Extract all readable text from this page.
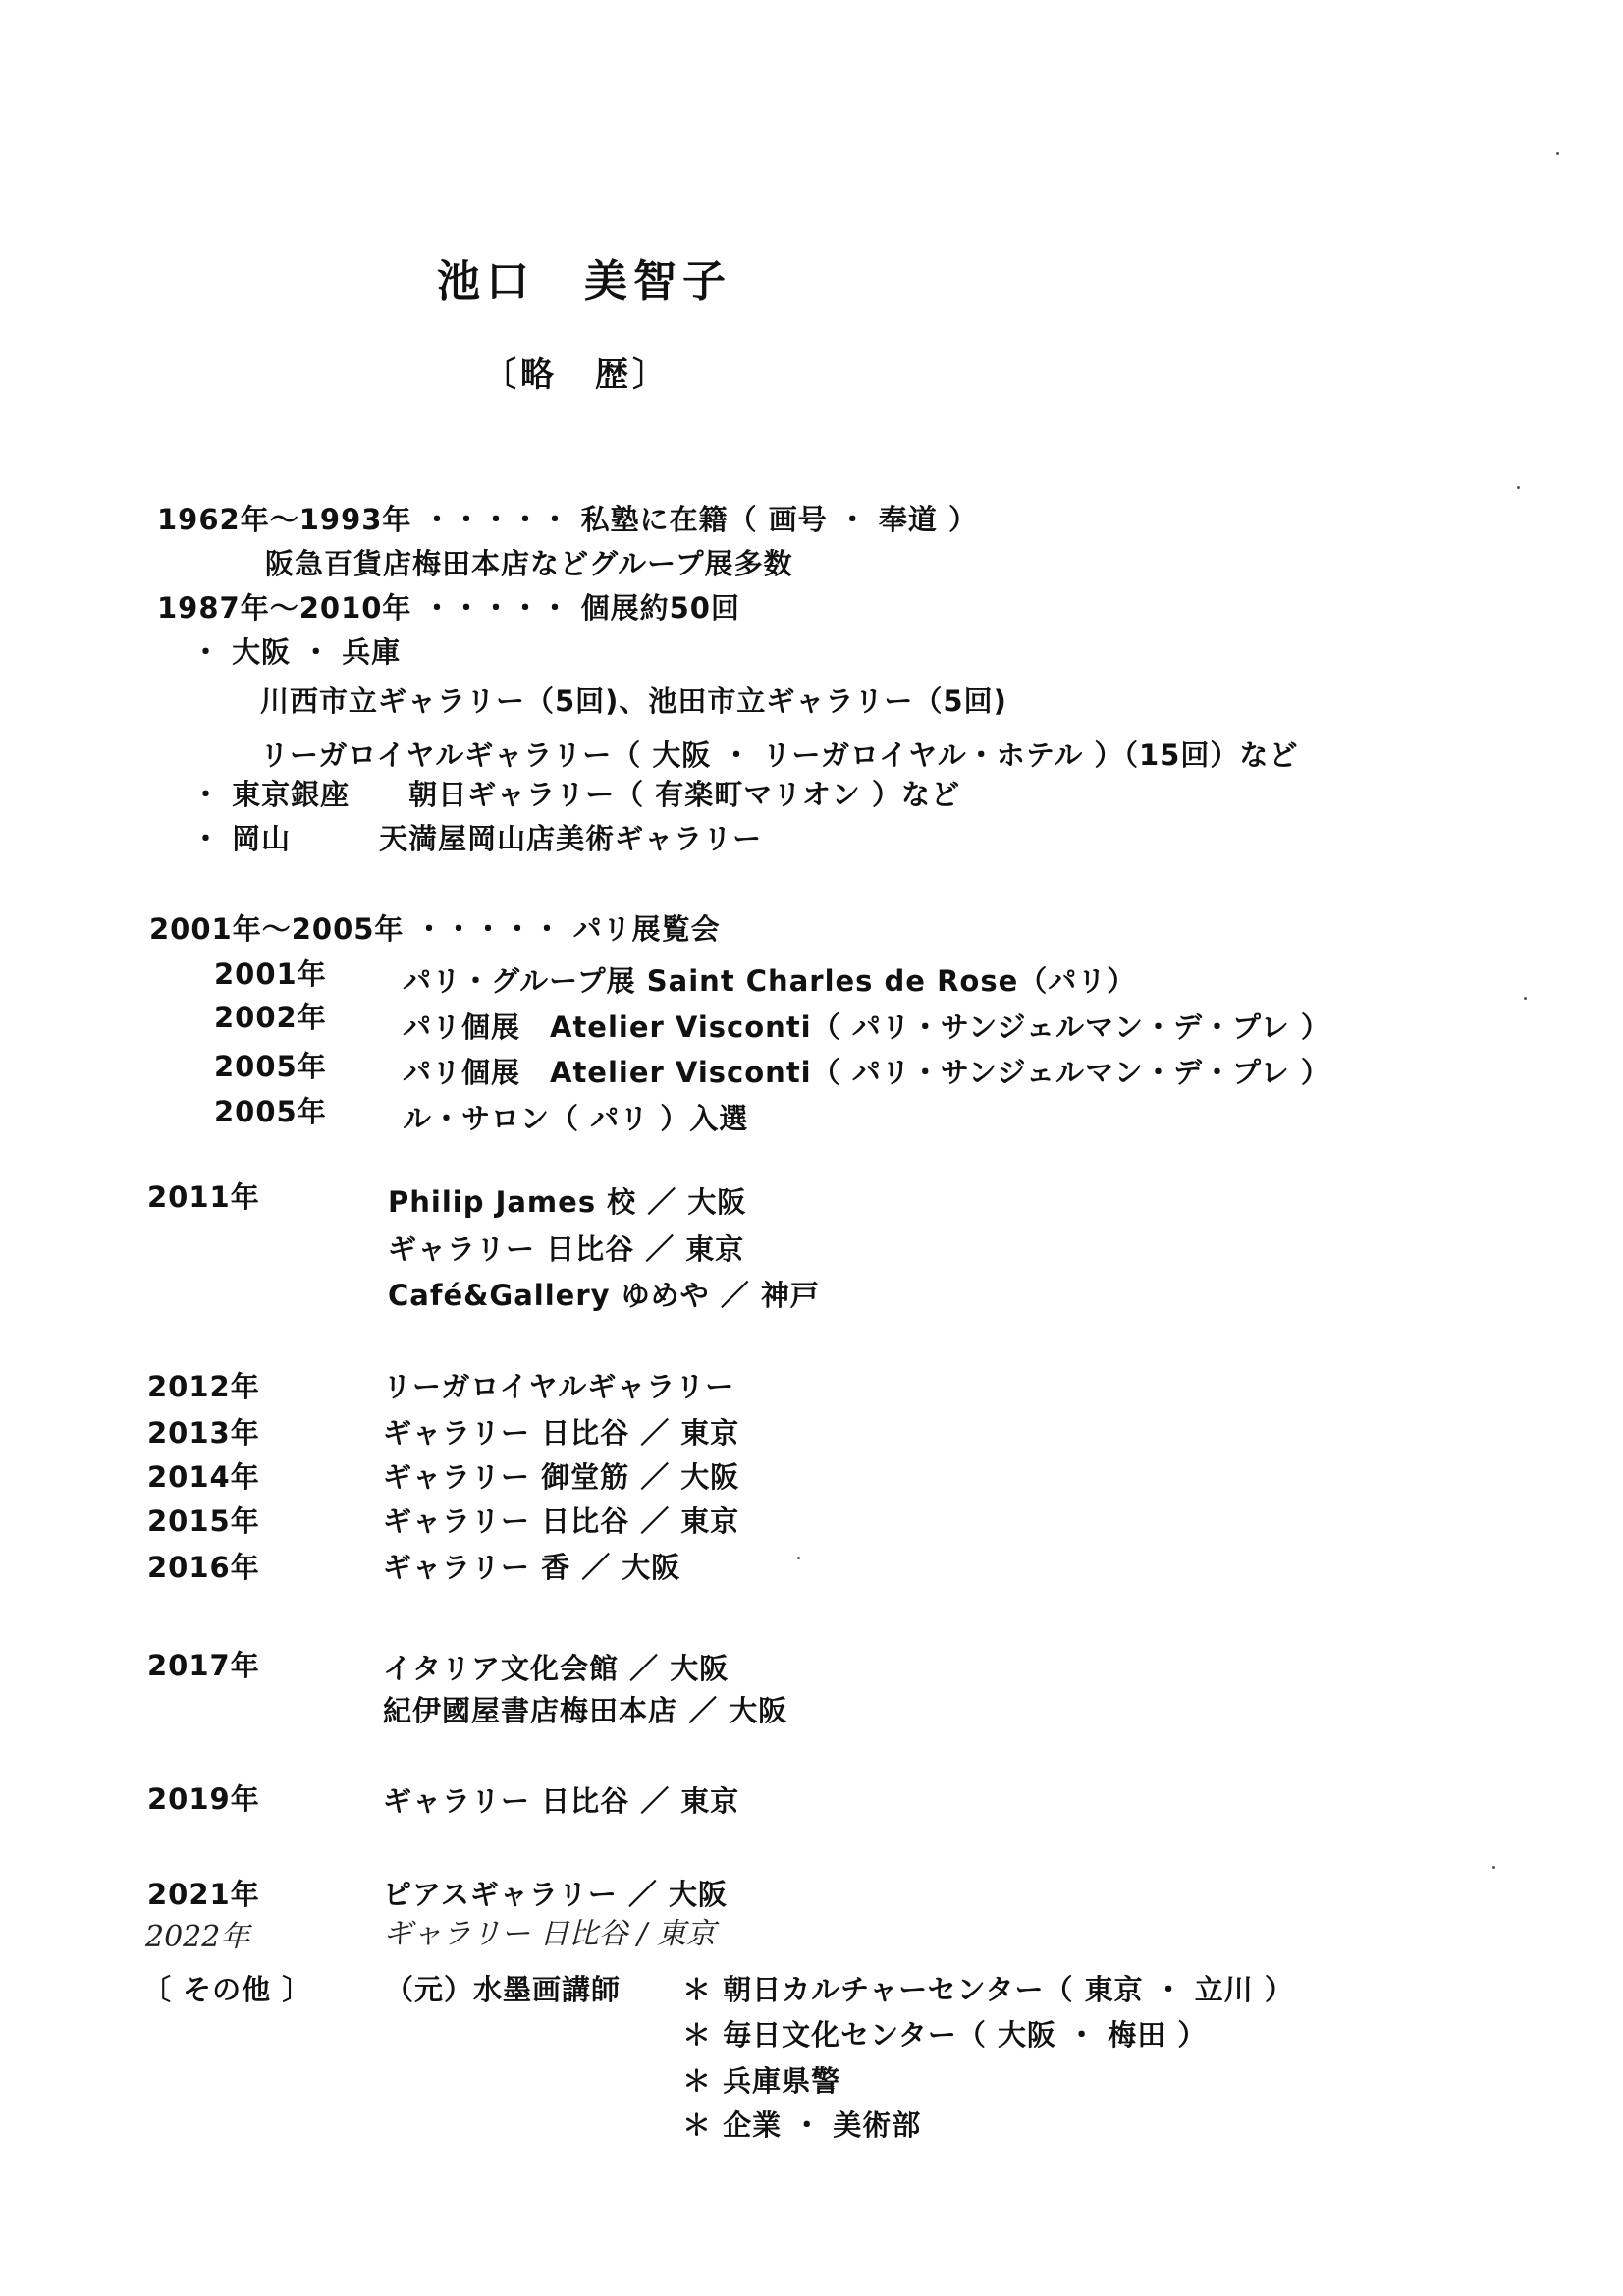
池口　美智子
〔略　歴〕
1962年〜1993年 ・・・・・ 私塾に在籍（ 画号 ・ 奉道 ）
阪急百貨店梅田本店などグループ展多数
1987年〜2010年 ・・・・・ 個展約50回
・ 大阪 ・ 兵庫
川西市立ギャラリー（5回)、池田市立ギャラリー（5回)
リーガロイヤルギャラリー（ 大阪 ・ リーガロイヤル・ホテル ）（15回）など
・ 東京銀座　　朝日ギャラリー（ 有楽町マリオン ）など
・ 岡山　　　天満屋岡山店美術ギャラリー
2001年〜2005年 ・・・・・ パリ展覧会
2001年	パリ・グループ展 Saint Charles de Rose（パリ）
2002年	パリ個展　Atelier Visconti（ パリ・サンジェルマン・デ・プレ ）
2005年	パリ個展　Atelier Visconti（ パリ・サンジェルマン・デ・プレ ）
2005年	ル・サロン（ パリ ）入選
2011年	Philip James 校 ／ 大阪
ギャラリー 日比谷 ／ 東京
Café&Gallery ゆめや ／ 神戸
2012年	リーガロイヤルギャラリー
2013年	ギャラリー 日比谷 ／ 東京
2014年	ギャラリー 御堂筋 ／ 大阪
2015年	ギャラリー 日比谷 ／ 東京
2016年	ギャラリー 香 ／ 大阪
2017年	イタリア文化会館 ／ 大阪
紀伊國屋書店梅田本店 ／ 大阪
2019年	ギャラリー 日比谷 ／ 東京
2021年	ピアスギャラリー ／ 大阪
2022年	ギャラリー 日比谷 / 東京
〔 その他 〕	（元）水墨画講師 ＊ 朝日カルチャーセンター（ 東京 ・ 立川 ）
＊ 毎日文化センター（ 大阪 ・ 梅田 ）
＊ 兵庫県警
＊ 企業 ・ 美術部
